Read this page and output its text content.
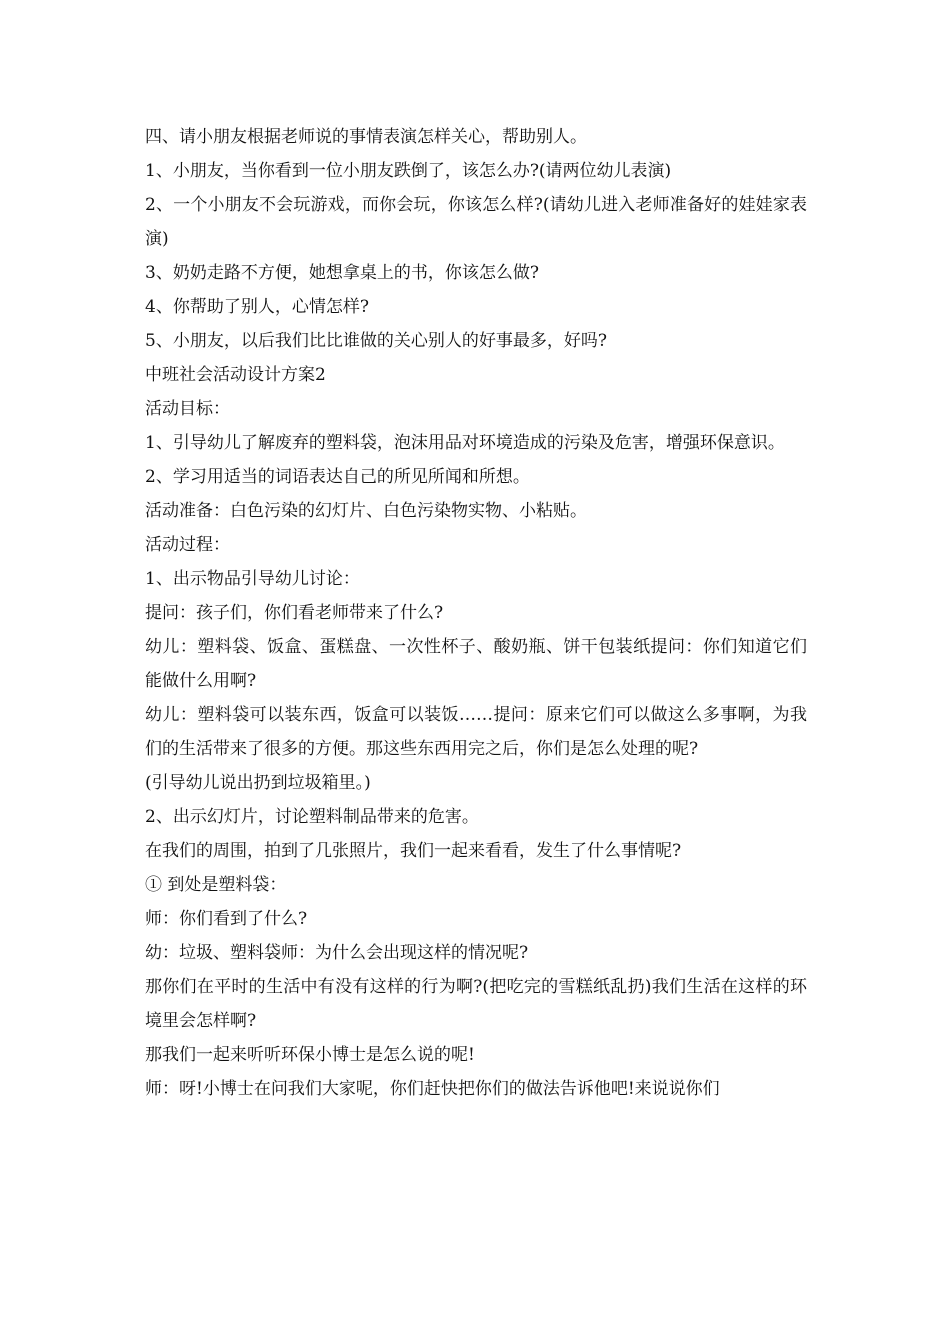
四、请小朋友根据老师说的事情表演怎样关心，帮助别人。

1、小朋友，当你看到一位小朋友跌倒了，该怎么办?(请两位幼儿表演)

2、一个小朋友不会玩游戏，而你会玩，你该怎么样?(请幼儿进入老师准备好的娃娃家表演)

3、奶奶走路不方便，她想拿桌上的书，你该怎么做?

4、你帮助了别人，心情怎样?

5、小朋友，以后我们比比谁做的关心别人的好事最多，好吗?

中班社会活动设计方案2

活动目标：

1、引导幼儿了解废弃的塑料袋，泡沫用品对环境造成的污染及危害，增强环保意识。

2、学习用适当的词语表达自己的所见所闻和所想。

活动准备：白色污染的幻灯片、白色污染物实物、小粘贴。

活动过程：

1、出示物品引导幼儿讨论：

提问：孩子们，你们看老师带来了什么?

幼儿：塑料袋、饭盒、蛋糕盘、一次性杯子、酸奶瓶、饼干包装纸提问：你们知道它们能做什么用啊?

幼儿：塑料袋可以装东西，饭盒可以装饭……提问：原来它们可以做这么多事啊，为我们的生活带来了很多的方便。那这些东西用完之后，你们是怎么处理的呢?

(引导幼儿说出扔到垃圾箱里。)

2、出示幻灯片，讨论塑料制品带来的危害。

在我们的周围，拍到了几张照片，我们一起来看看，发生了什么事情呢?

① 到处是塑料袋：

师：你们看到了什么?

幼：垃圾、塑料袋师：为什么会出现这样的情况呢?

那你们在平时的生活中有没有这样的行为啊?(把吃完的雪糕纸乱扔)我们生活在这样的环境里会怎样啊?

那我们一起来听听环保小博士是怎么说的呢!

师：呀!小博士在问我们大家呢，你们赶快把你们的做法告诉他吧!来说说你们
